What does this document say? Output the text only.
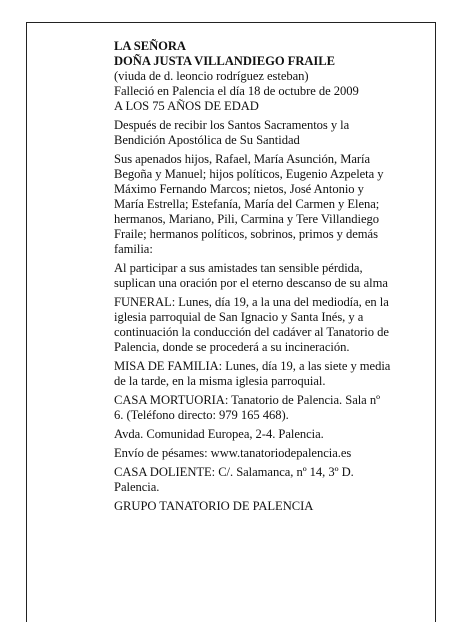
LA SEÑORA
DOÑA JUSTA VILLANDIEGO FRAILE
(viuda de d. leoncio rodríguez esteban)
Falleció en Palencia el día 18 de octubre de 2009
A LOS 75 AÑOS DE EDAD
Después de recibir los Santos Sacramentos y la
Bendición Apostólica de Su Santidad
Sus apenados hijos, Rafael, María Asunción, María
Begoña y Manuel; hijos políticos, Eugenio Azpeleta y
Máximo Fernando Marcos; nietos, José Antonio y
María Estrella; Estefanía, María del Carmen y Elena;
hermanos, Mariano, Pili, Carmina y Tere Villandiego
Fraile; hermanos políticos, sobrinos, primos y demás
familia:
Al participar a sus amistades tan sensible pérdida,
suplican una oración por el eterno descanso de su alma
FUNERAL: Lunes, día 19, a la una del mediodía, en la
iglesia parroquial de San Ignacio y Santa Inés, y a
continuación la conducción del cadáver al Tanatorio de
Palencia, donde se procederá a su incineración.
MISA DE FAMILIA: Lunes, día 19, a las siete y media
de la tarde, en la misma iglesia parroquial.
CASA MORTUORIA: Tanatorio de Palencia. Sala nº
6. (Teléfono directo: 979 165 468).
Avda. Comunidad Europea, 2-4. Palencia.
Envío de pésames: www.tanatoriodepalencia.es
CASA DOLIENTE: C/. Salamanca, nº 14, 3º D.
Palencia.
GRUPO TANATORIO DE PALENCIA
